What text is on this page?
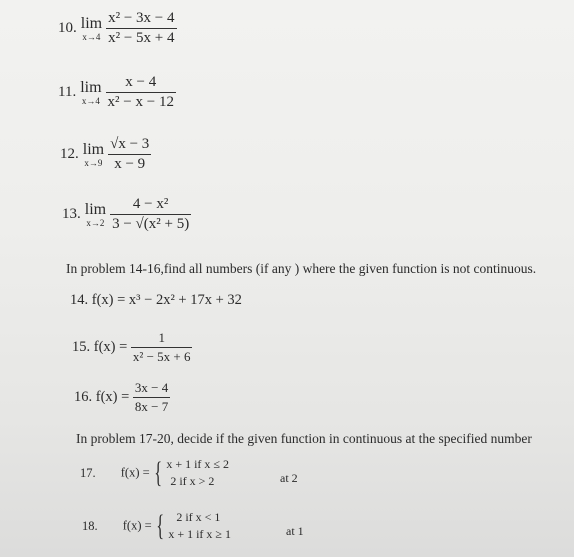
10. lim
x→4
$\frac{\text{x² − 3x − 4}}{\text{x² − 5x + 4}}$
11. lim
x→4
$\frac{x - 4}{\text{x² − x − 12}}$
12. lim
x→9
$\frac{√x - 3}{x - 9}$
13. lim
x→2
$\frac{\text{4 − x²}}{\text{3 − √(x² + 5)}}$
In problem 14-16,find all numbers (if any ) where the given function is not continuous.
14. f(x) = x³ − 2x² + 17x + 32
15. $f(x) = \frac{1}{\text{x² − 5x + 6}}$
16. $f(x) = \frac{3x - 4}{8x - 7}$
In problem 17-20, decide if the given function in continuous at the specified number
17. f(x) = { x + 1 if x ≤ 2
2 if x > 2	at 2
18. f(x) = {	2 if x < 1
x + 1 if x ≥ 1	at 1
